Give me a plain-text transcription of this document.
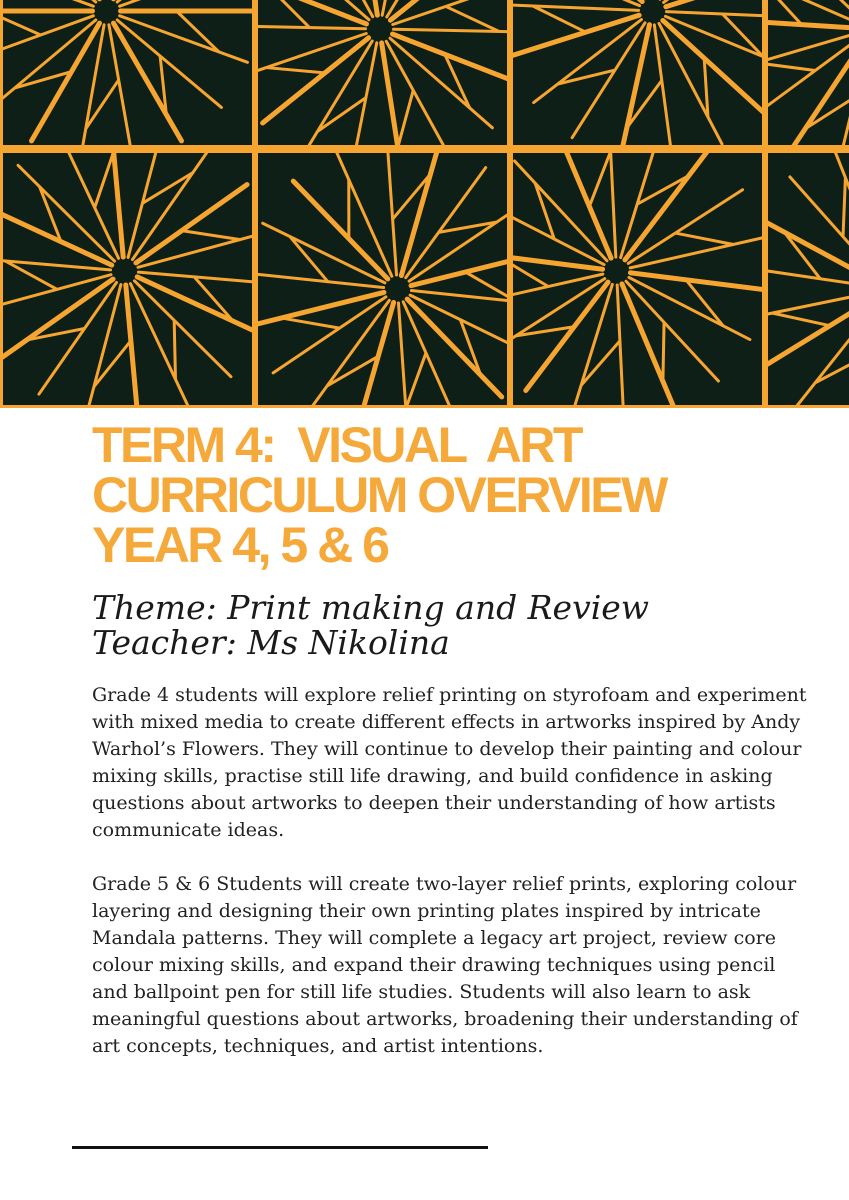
TERM 4:  VISUAL  ART
CURRICULUM OVERVIEW
YEAR 4, 5 & 6
Theme: Print making and Review
Teacher: Ms Nikolina

Grade 4 students will explore relief printing on styrofoam and experiment with mixed media to create different effects in artworks inspired by Andy Warhol’s Flowers. They will continue to develop their painting and colour mixing skills, practise still life drawing, and build confidence in asking questions about artworks to deepen their understanding of how artists communicate ideas.

Grade 5 & 6 Students will create two-layer relief prints, exploring colour layering and designing their own printing plates inspired by intricate Mandala patterns. They will complete a legacy art project, review core colour mixing skills, and expand their drawing techniques using pencil and ballpoint pen for still life studies. Students will also learn to ask meaningful questions about artworks, broadening their understanding of art concepts, techniques, and artist intentions.
